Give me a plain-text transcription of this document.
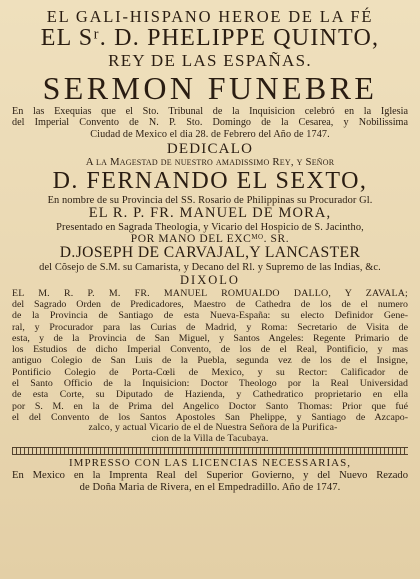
EL GALI-HISPANO HEROE DE LA FÉ

EL Sʳ. D. PHELIPPE QUINTO,

REY DE LAS ESPAÑAS.

SERMON FUNEBRE

En las Exequias que el Sto. Tribunal de la Inquisicion celebró en la Iglesia

del Imperial Convento de N. P. Sto. Domingo de la Cesarea, y Nobilissima

Ciudad de Mexico el dia 28. de Febrero del Año de 1747.

DEDICALO

A la Magestad de nuestro amadissimo Rey, y Señor

D. FERNANDO EL SEXTO,

En nombre de su Provincia del SS. Rosario de Philippinas su Procurador Gl.

EL R. P. FR. MANUEL DE MORA,

Presentado en Sagrada Theologia, y Vicario del Hospicio de S. Jacintho,

POR MANO DEL EXCᴹᴼ. SR.

D.JOSEPH DE CARVAJAL,Y LANCASTER

del Cõsejo de S.M. su Camarista, y Decano del Rl. y Supremo de las Indias, &c.

DIXOLO

EL M. R. P. M. FR. MANUEL ROMUALDO DALLO, Y ZAVALA;

del Sagrado Orden de Predicadores, Maestro de Cathedra de los de el numero

de la Provincia de Santiago de esta Nueva-España: su electo Definidor Gene-

ral, y Procurador para las Curias de Madrid, y Roma: Secretario de Visita de

esta, y de la Provincia de San Miguel, y Santos Angeles: Regente Primario de

los Estudios de dicho Imperial Convento, de los de el Real, Pontificio, y mas

antiguo Colegio de San Luis de la Puebla, segunda vez de los de el Insigne,

Pontificio Colegio de Porta-Cœli de Mexico, y su Rector: Calificador de

el Santo Officio de la Inquisicion: Doctor Theologo por la Real Universidad

de esta Corte, su Diputado de Hazienda, y Cathedratico proprietario en ella

por S. M. en la de Prima del Angelico Doctor Santo Thomas: Prior que fué

el del Convento de los Santos Apostoles San Phelippe, y Santiago de Azcapo-

zalco, y actual Vicario de el de Nuestra Señora de la Purifica-

cion de la Villa de Tacubaya.

IMPRESSO CON LAS LICENCIAS NECESSARIAS,

En Mexico en la Imprenta Real del Superior Govierno, y del Nuevo Rezado

de Doña Maria de Rivera, en el Empedradillo. Año de 1747.
